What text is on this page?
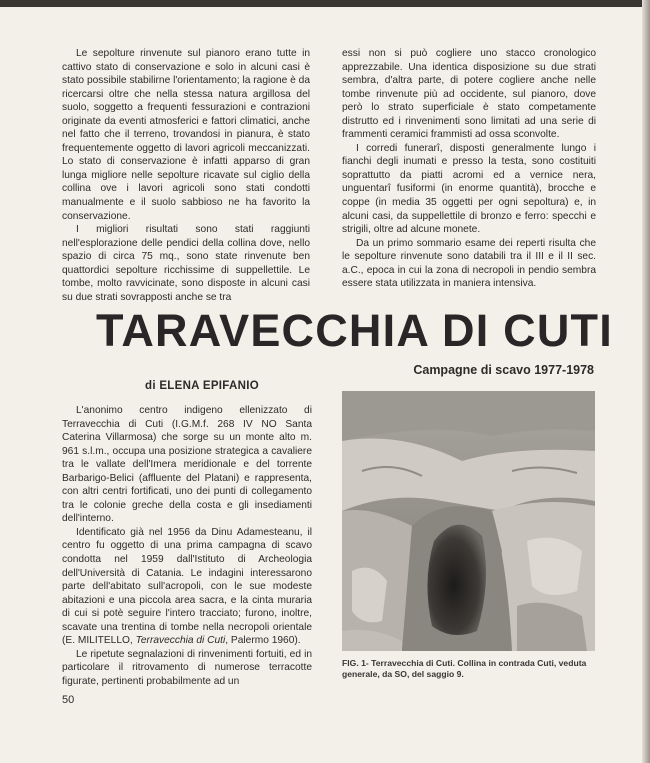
Le sepolture rinvenute sul pianoro erano tutte in cattivo stato di conservazione e solo in alcuni casi è stato possibile stabilirne l'orientamento; la ragione è da ricercarsi oltre che nella stessa natura argillosa del suolo, soggetto a frequenti fessurazioni e contrazioni originate da eventi atmosferici e fattori climatici, anche nel fatto che il terreno, trovandosi in pianura, è stato frequentemente oggetto di lavori agricoli meccanizzati. Lo stato di conservazione è infatti apparso di gran lunga migliore nelle sepolture ricavate sul ciglio della collina ove i lavori agricoli sono stati condotti manualmente e il suolo sabbioso ne ha favorito la conservazione.

I migliori risultati sono stati raggiunti nell'esplorazione delle pendici della collina dove, nello spazio di circa 75 mq., sono state rinvenute ben quattordici sepolture ricchissime di suppellettile. Le tombe, molto ravvicinate, sono disposte in alcuni casi su due strati sovrapposti anche se tra

essi non si può cogliere uno stacco cronologico apprezzabile. Una identica disposizione su due strati sembra, d'altra parte, di potere cogliere anche nelle tombe rinvenute più ad occidente, sul pianoro, dove però lo strato superficiale è stato competamente distrutto ed i rinvenimenti sono limitati ad una serie di frammenti ceramici frammisti ad ossa sconvolte.

I corredi funerarî, disposti generalmente lungo i fianchi degli inumati e presso la testa, sono costituiti soprattutto da piatti acromi ed a vernice nera, unguentarî fusiformi (in enorme quantità), brocche e coppe (in media 35 oggetti per ogni sepoltura) e, in alcuni casi, da suppellettile di bronzo e ferro: specchi e strigili, oltre ad alcune monete.

Da un primo sommario esame dei reperti risulta che le sepolture rinvenute sono databili tra il III e il II sec. a.C., epoca in cui la zona di necropoli in pendio sembra essere stata utilizzata in maniera intensiva.

TARAVECCHIA DI CUTI
Campagne di scavo 1977-1978
di ELENA EPIFANIO

L'anonimo centro indigeno ellenizzato di Terravecchia di Cuti (I.G.M.f. 268 IV NO Santa Caterina Villarmosa) che sorge su un monte alto m. 961 s.l.m., occupa una posizione strategica a cavaliere tra le vallate dell'Imera meridionale e del torrente Barbarigo-Belici (affluente del Platani) e rappresenta, con altri centri fortificati, uno dei punti di collegamento tra le colonie greche della costa e gli insediamenti dell'interno.

Identificato già nel 1956 da Dinu Adamesteanu, il centro fu oggetto di una prima campagna di scavo condotta nel 1959 dall'Istituto di Archeologia dell'Università di Catania. Le indagini interessarono parte dell'abitato sull'acropoli, con le sue modeste abitazioni e una piccola area sacra, e la cinta muraria di cui si potè seguire l'intero tracciato; furono, inoltre, scavate una trentina di tombe nella necropoli orientale (E. MILITELLO, Terravecchia di Cuti, Palermo 1960).

Le ripetute segnalazioni di rinvenimenti fortuiti, ed in particolare il ritrovamento di numerose terracotte figurate, pertinenti probabilmente ad un

FIG. 1- Terravecchia di Cuti. Collina in contrada Cuti, veduta generale, da SO, del saggio 9.
50
